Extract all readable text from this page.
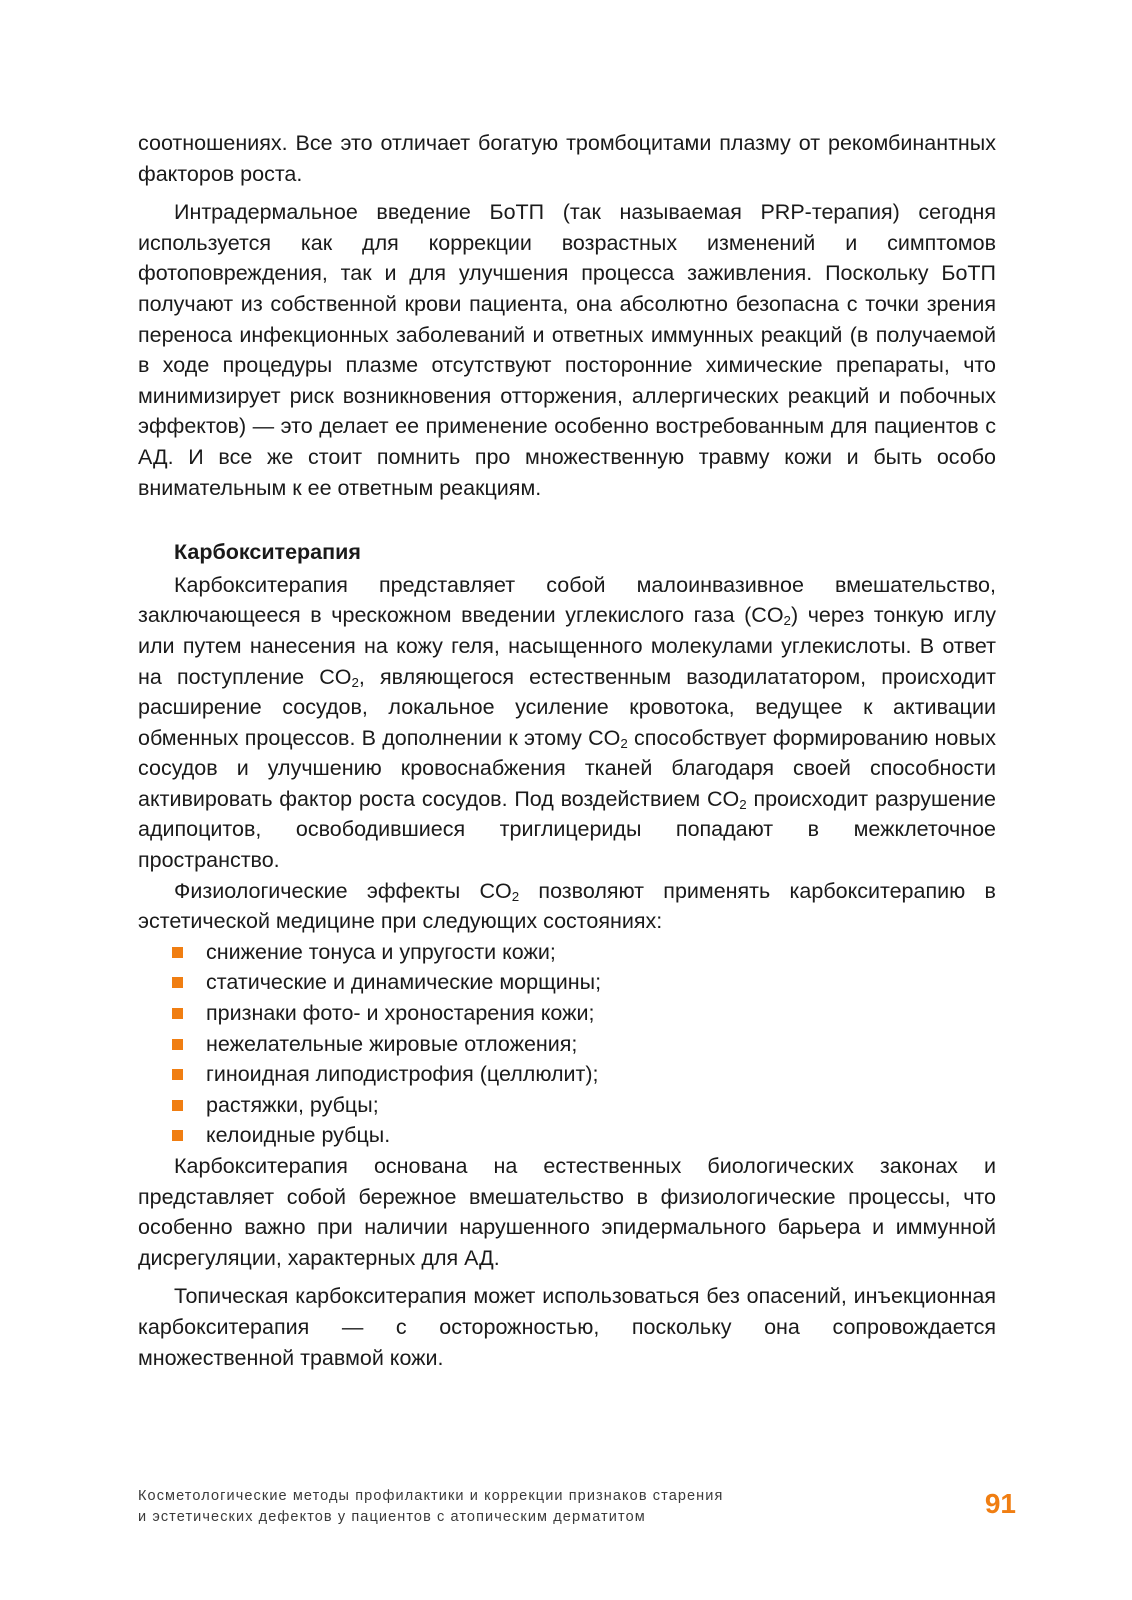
соотношениях. Все это отличает богатую тромбоцитами плазму от рекомбинантных факторов роста.

Интрадермальное введение БоТП (так называемая PRP-терапия) сегодня используется как для коррекции возрастных изменений и симптомов фотоповреждения, так и для улучшения процесса заживления. Поскольку БоТП получают из собственной крови пациента, она абсолютно безопасна с точки зрения переноса инфекционных заболеваний и ответных иммунных реакций (в получаемой в ходе процедуры плазме отсутствуют посторонние химические препараты, что минимизирует риск возникновения отторжения, аллергических реакций и побочных эффектов) — это делает ее применение особенно востребованным для пациентов с АД. И все же стоит помнить про множественную травму кожи и быть особо внимательным к ее ответным реакциям.

Карбокситерапия

Карбокситерапия представляет собой малоинвазивное вмешательство, заключающееся в чрескожном введении углекислого газа $(CO_2)$ через тонкую иглу или путем нанесения на кожу геля, насыщенного молекулами углекислоты. В ответ на поступление $CO_2$, являющегося естественным вазодилататором, происходит расширение сосудов, локальное усиление кровотока, ведущее к активации обменных процессов. В дополнении к этому $CO_2$ способствует формированию новых сосудов и улучшению кровоснабжения тканей благодаря своей способности активировать фактор роста сосудов. Под воздействием $CO_2$ происходит разрушение адипоцитов, освободившиеся триглицериды попадают в межклеточное пространство.

Физиологические эффекты $CO_2$ позволяют применять карбокситерапию в эстетической медицине при следующих состояниях:

снижение тонуса и упругости кожи;
статические и динамические морщины;
признаки фото- и хроностарения кожи;
нежелательные жировые отложения;
гиноидная липодистрофия (целлюлит);
растяжки, рубцы;
келоидные рубцы.

Карбокситерапия основана на естественных биологических законах и представляет собой бережное вмешательство в физиологические процессы, что особенно важно при наличии нарушенного эпидермального барьера и иммунной дисрегуляции, характерных для АД.

Топическая карбокситерапия может использоваться без опасений, инъекционная карбокситерапия — с осторожностью, поскольку она сопровождается множественной травмой кожи.

Косметологические методы профилактики и коррекции признаков старения
и эстетических дефектов у пациентов с атопическим дерматитом	91
